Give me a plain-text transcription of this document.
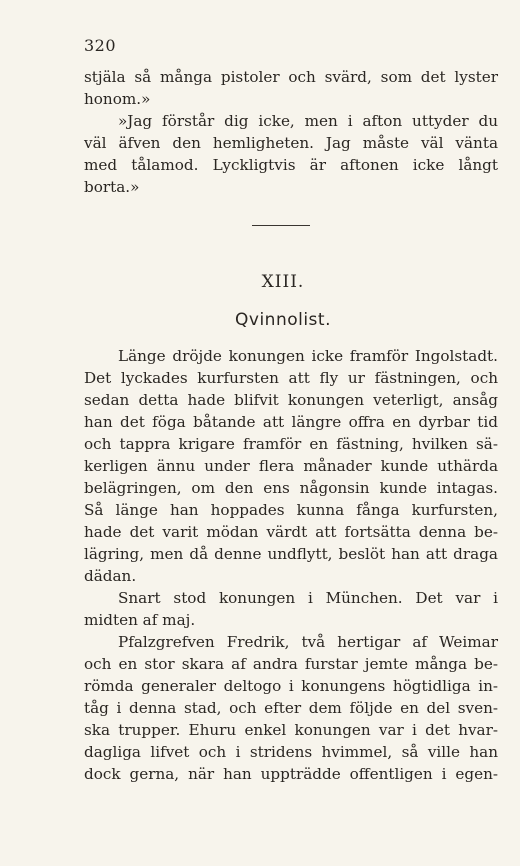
320

stjäla så många pistoler och svärd, som det lyster
honom.»

»Jag förstår dig icke, men i afton uttyder du
väl äfven den hemligheten. Jag måste väl vänta
med tålamod. Lyckligtvis är aftonen icke långt
borta.»

XIII.
Qvinnolist.

Länge dröjde konungen icke framför Ingolstadt.
Det lyckades kurfursten att fly ur fästningen, och
sedan detta hade blifvit konungen veterligt, ansåg
han det föga båtande att längre offra en dyrbar tid
och tappra krigare framför en fästning, hvilken sä-
kerligen ännu under flera månader kunde uthärda
belägringen, om den ens någonsin kunde intagas.
Så länge han hoppades kunna fånga kurfursten,
hade det varit mödan värdt att fortsätta denna be-
lägring, men då denne undflytt, beslöt han att draga
dädan.

Snart stod konungen i München. Det var i
midten af maj.

Pfalzgrefven Fredrik, två hertigar af Weimar
och en stor skara af andra furstar jemte många be-
römda generaler deltogo i konungens högtidliga in-
tåg i denna stad, och efter dem följde en del sven-
ska trupper. Ehuru enkel konungen var i det hvar-
dagliga lifvet och i stridens hvimmel, så ville han
dock gerna, när han uppträdde offentligen i egen-
